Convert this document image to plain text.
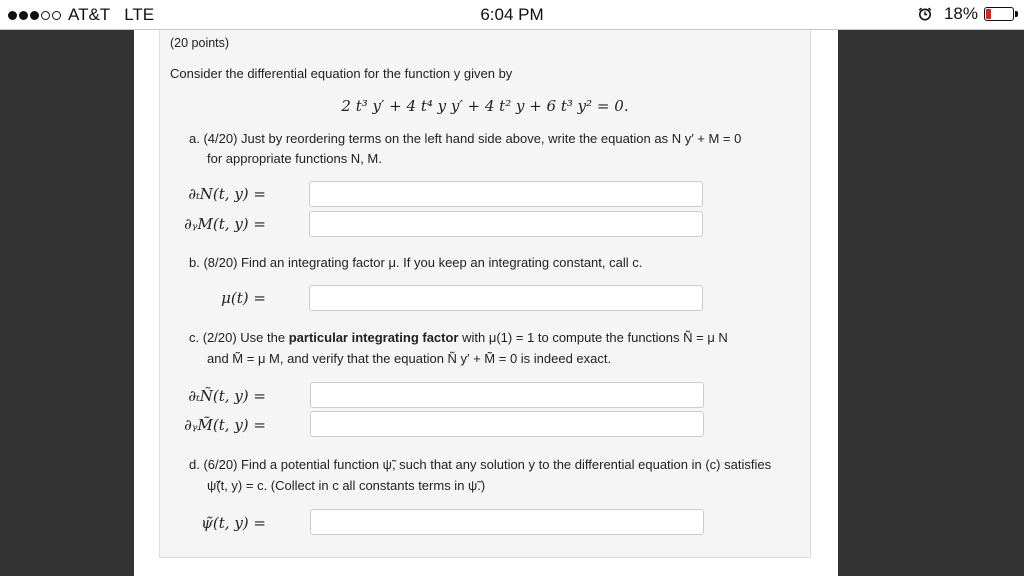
AT&T LTE	6:04 PM	18%
(20 points)
Consider the differential equation for the function y given by
2 t³ y′ + 4 t⁴ y y′ + 4 t² y + 6 t³ y² = 0.
a. (4/20) Just by reordering terms on the left hand side above, write the equation as N y′ + M = 0
for appropriate functions N, M.
∂ₜN(t, y) =
∂ᵧM(t, y) =
b. (8/20) Find an integrating factor μ. If you keep an integrating constant, call c.
μ(t) =
c. (2/20) Use the particular integrating factor with μ(1) = 1 to compute the functions Ñ = μ N
and M̃ = μ M, and verify that the equation Ñ y′ + M̃ = 0 is indeed exact.
∂ₜÑ(t, y) =
∂ᵧM̃(t, y) =
d. (6/20) Find a potential function ψ̃, such that any solution y to the differential equation in (c) satisfies
ψ̃(t, y) = c. (Collect in c all constants terms in ψ̃.)
ψ̃(t, y) =
